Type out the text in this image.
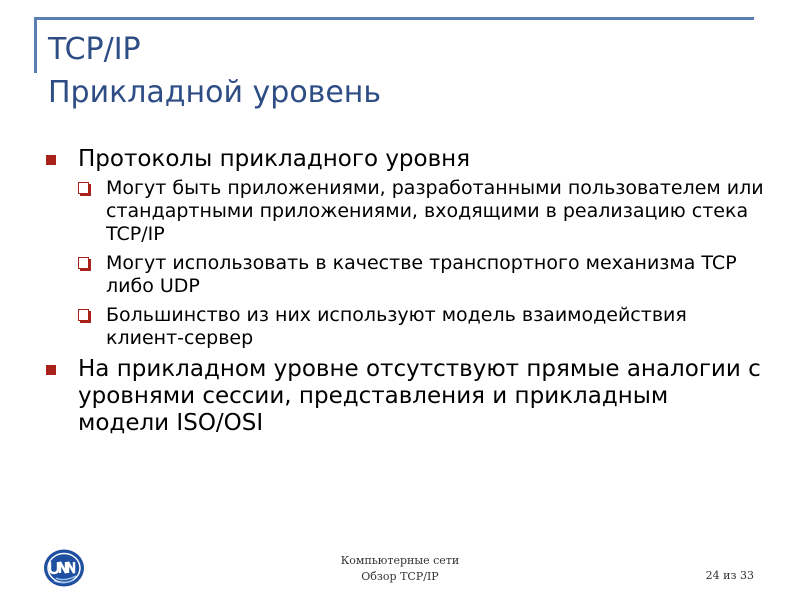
TCP/IP
Прикладной уровень
Протоколы прикладного уровня
Могут быть приложениями, разработанными пользователем или стандартными приложениями, входящими в реализацию стека TCP/IP
Могут использовать в качестве транспортного механизма TCP либо UDP
Большинство из них используют модель взаимодействия клиент-сервер
На прикладном уровне отсутствуют прямые аналогии с уровнями сессии, представления и прикладным модели ISO/OSI
Компьютерные сети
Обзор TCP/IP	24 из 33
